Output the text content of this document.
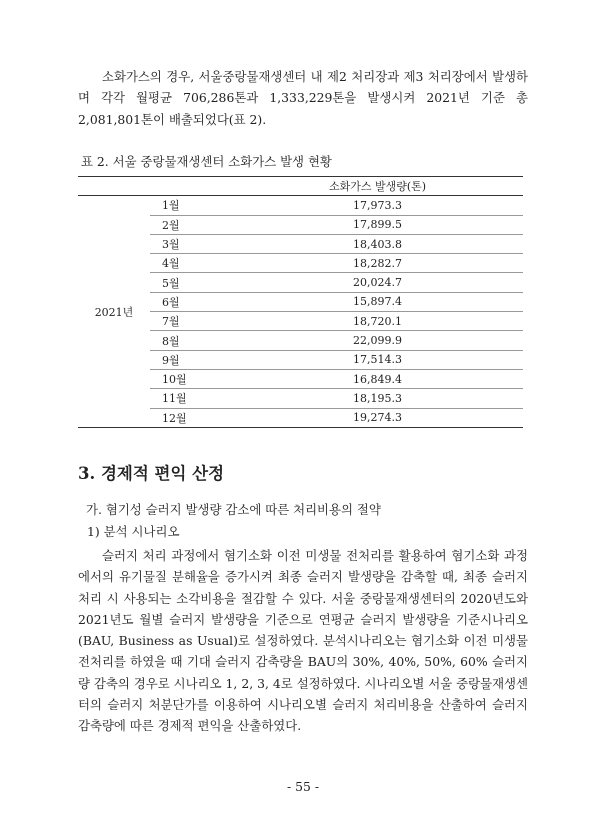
소화가스의 경우, 서울중랑물재생센터 내 제2 처리장과 제3 처리장에서 발생하며 각각 월평균 706,286톤과 1,333,229톤을 발생시켜 2021년 기준 총 2,081,801톤이 배출되었다(표 2).

표 2. 서울 중랑물재생센터 소화가스 발생 현황
		소화가스 발생량(톤)
2021년	1월	17,973.3
	2월	17,899.5
	3월	18,403.8
	4월	18,282.7
	5월	20,024.7
	6월	15,897.4
	7월	18,720.1
	8월	22,099.9
	9월	17,514.3
	10월	16,849.4
	11월	18,195.3
	12월	19,274.3
3. 경제적 편익 산정
가. 혐기성 슬러지 발생량 감소에 따른 처리비용의 절약
1) 분석 시나리오

슬러지 처리 과정에서 혐기소화 이전 미생물 전처리를 활용하여 혐기소화 과정에서의 유기물질 분해율을 증가시켜 최종 슬러지 발생량을 감축할 때, 최종 슬러지 처리 시 사용되는 소각비용을 절감할 수 있다. 서울 중랑물재생센터의 2020년도와 2021년도 월별 슬러지 발생량을 기준으로 연평균 슬러지 발생량을 기준시나리오(BAU, Business as Usual)로 설정하였다. 분석시나리오는 혐기소화 이전 미생물 전처리를 하였을 때 기대 슬러지 감축량을 BAU의 30%, 40%, 50%, 60% 슬러지량 감축의 경우로 시나리오 1, 2, 3, 4로 설정하였다. 시나리오별 서울 중랑물재생센터의 슬러지 처분단가를 이용하여 시나리오별 슬러지 처리비용을 산출하여 슬러지 감축량에 따른 경제적 편익을 산출하였다.

- 55 -
